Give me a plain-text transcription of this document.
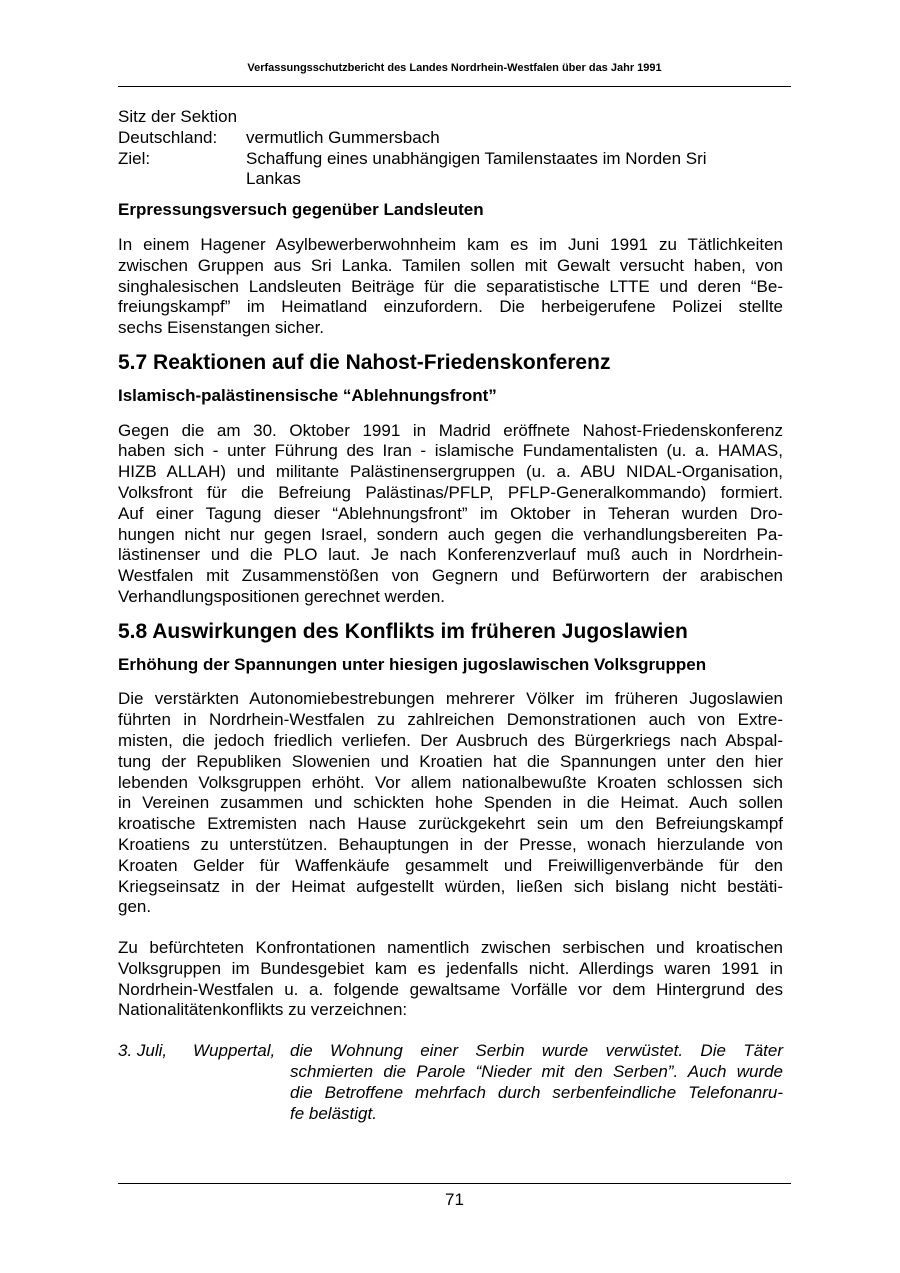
Verfassungsschutzbericht des Landes Nordrhein-Westfalen über das Jahr 1991
Sitz der Sektion
Deutschland:	vermutlich Gummersbach
Ziel:	Schaffung eines unabhängigen Tamilenstaates im Norden Sri
Lankas
Erpressungsversuch gegenüber Landsleuten
In einem Hagener Asylbewerberwohnheim kam es im Juni 1991 zu Tätlichkeiten
zwischen Gruppen aus Sri Lanka. Tamilen sollen mit Gewalt versucht haben, von
singhalesischen Landsleuten Beiträge für die separatistische LTTE und deren “Be-
freiungskampf” im Heimatland einzufordern. Die herbeigerufene Polizei stellte
sechs Eisenstangen sicher.
5.7 Reaktionen auf die Nahost-Friedenskonferenz
Islamisch-palästinensische “Ablehnungsfront”
Gegen die am 30. Oktober 1991 in Madrid eröffnete Nahost-Friedenskonferenz
haben sich - unter Führung des Iran - islamische Fundamentalisten (u. a. HAMAS,
HIZB ALLAH) und militante Palästinensergruppen (u. a. ABU NIDAL-Organisation,
Volksfront für die Befreiung Palästinas/PFLP, PFLP-Generalkommando) formiert.
Auf einer Tagung dieser “Ablehnungsfront” im Oktober in Teheran wurden Dro-
hungen nicht nur gegen Israel, sondern auch gegen die verhandlungsbereiten Pa-
lästinenser und die PLO laut. Je nach Konferenzverlauf muß auch in Nordrhein-
Westfalen mit Zusammenstößen von Gegnern und Befürwortern der arabischen
Verhandlungspositionen gerechnet werden.
5.8 Auswirkungen des Konflikts im früheren Jugoslawien
Erhöhung der Spannungen unter hiesigen jugoslawischen Volksgruppen
Die verstärkten Autonomiebestrebungen mehrerer Völker im früheren Jugoslawien
führten in Nordrhein-Westfalen zu zahlreichen Demonstrationen auch von Extre-
misten, die jedoch friedlich verliefen. Der Ausbruch des Bürgerkriegs nach Abspal-
tung der Republiken Slowenien und Kroatien hat die Spannungen unter den hier
lebenden Volksgruppen erhöht. Vor allem nationalbewußte Kroaten schlossen sich
in Vereinen zusammen und schickten hohe Spenden in die Heimat. Auch sollen
kroatische Extremisten nach Hause zurückgekehrt sein um den Befreiungskampf
Kroatiens zu unterstützen. Behauptungen in der Presse, wonach hierzulande von
Kroaten Gelder für Waffenkäufe gesammelt und Freiwilligenverbände für den
Kriegseinsatz in der Heimat aufgestellt würden, ließen sich bislang nicht bestäti-
gen.
Zu befürchteten Konfrontationen namentlich zwischen serbischen und kroatischen
Volksgruppen im Bundesgebiet kam es jedenfalls nicht. Allerdings waren 1991 in
Nordrhein-Westfalen u. a. folgende gewaltsame Vorfälle vor dem Hintergrund des
Nationalitätenkonflikts zu verzeichnen:
3. Juli,	Wuppertal, die Wohnung einer Serbin wurde verwüstet. Die Täter
schmierten die Parole “Nieder mit den Serben”. Auch wurde
die Betroffene mehrfach durch serbenfeindliche Telefonanru-
fe belästigt.
71
